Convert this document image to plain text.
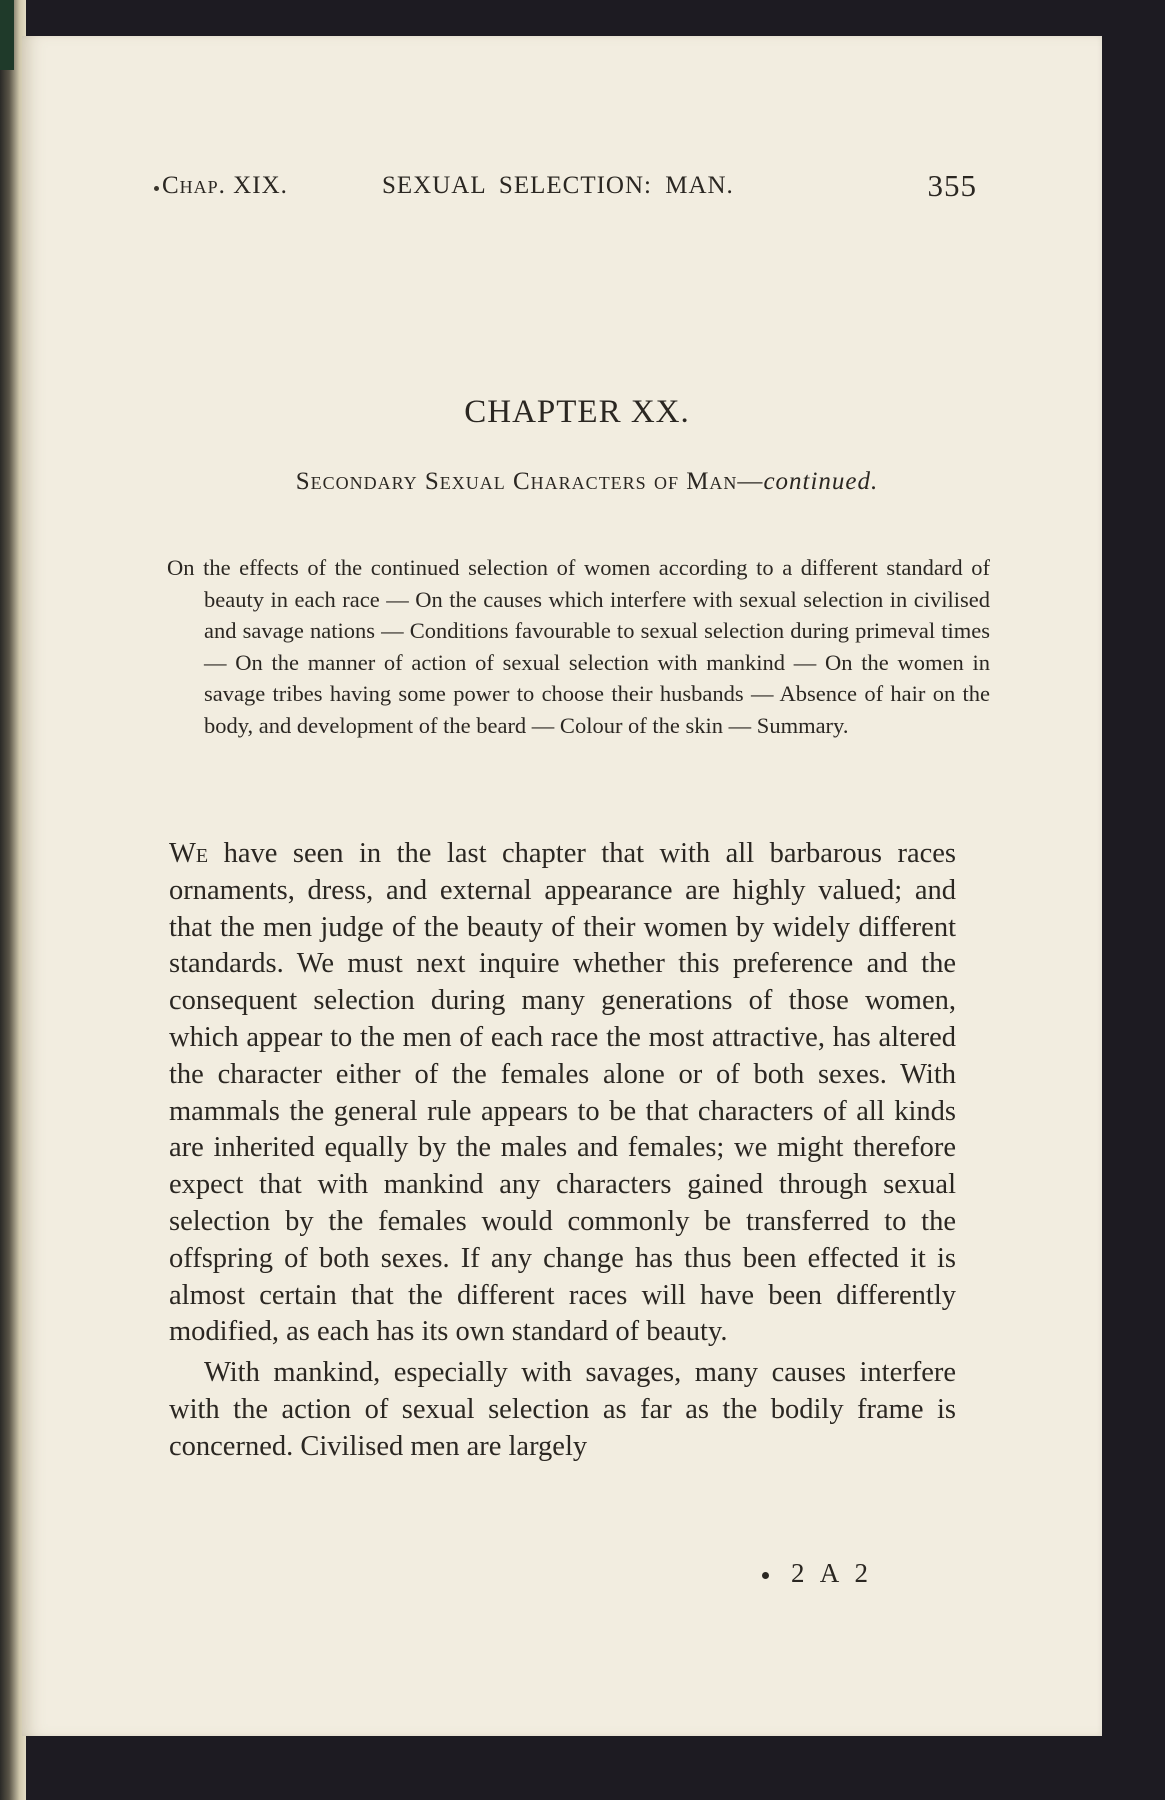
Chap. XIX.	SEXUAL SELECTION: MAN.	355
CHAPTER XX.
Secondary Sexual Characters of Man—continued.
On the effects of the continued selection of women according to a different standard of beauty in each race — On the causes which interfere with sexual selection in civilised and savage nations — Conditions favourable to sexual selection during primeval times — On the manner of action of sexual selection with mankind — On the women in savage tribes having some power to choose their husbands — Absence of hair on the body, and development of the beard — Colour of the skin — Summary.

We have seen in the last chapter that with all barbarous races ornaments, dress, and external appearance are highly valued; and that the men judge of the beauty of their women by widely different standards. We must next inquire whether this preference and the consequent selection during many generations of those women, which appear to the men of each race the most attractive, has altered the character either of the females alone or of both sexes. With mammals the general rule appears to be that characters of all kinds are inherited equally by the males and females; we might therefore expect that with mankind any characters gained through sexual selection by the females would commonly be transferred to the offspring of both sexes. If any change has thus been effected it is almost certain that the different races will have been differently modified, as each has its own standard of beauty.

With mankind, especially with savages, many causes interfere with the action of sexual selection as far as the bodily frame is concerned. Civilised men are largely

2 A 2
